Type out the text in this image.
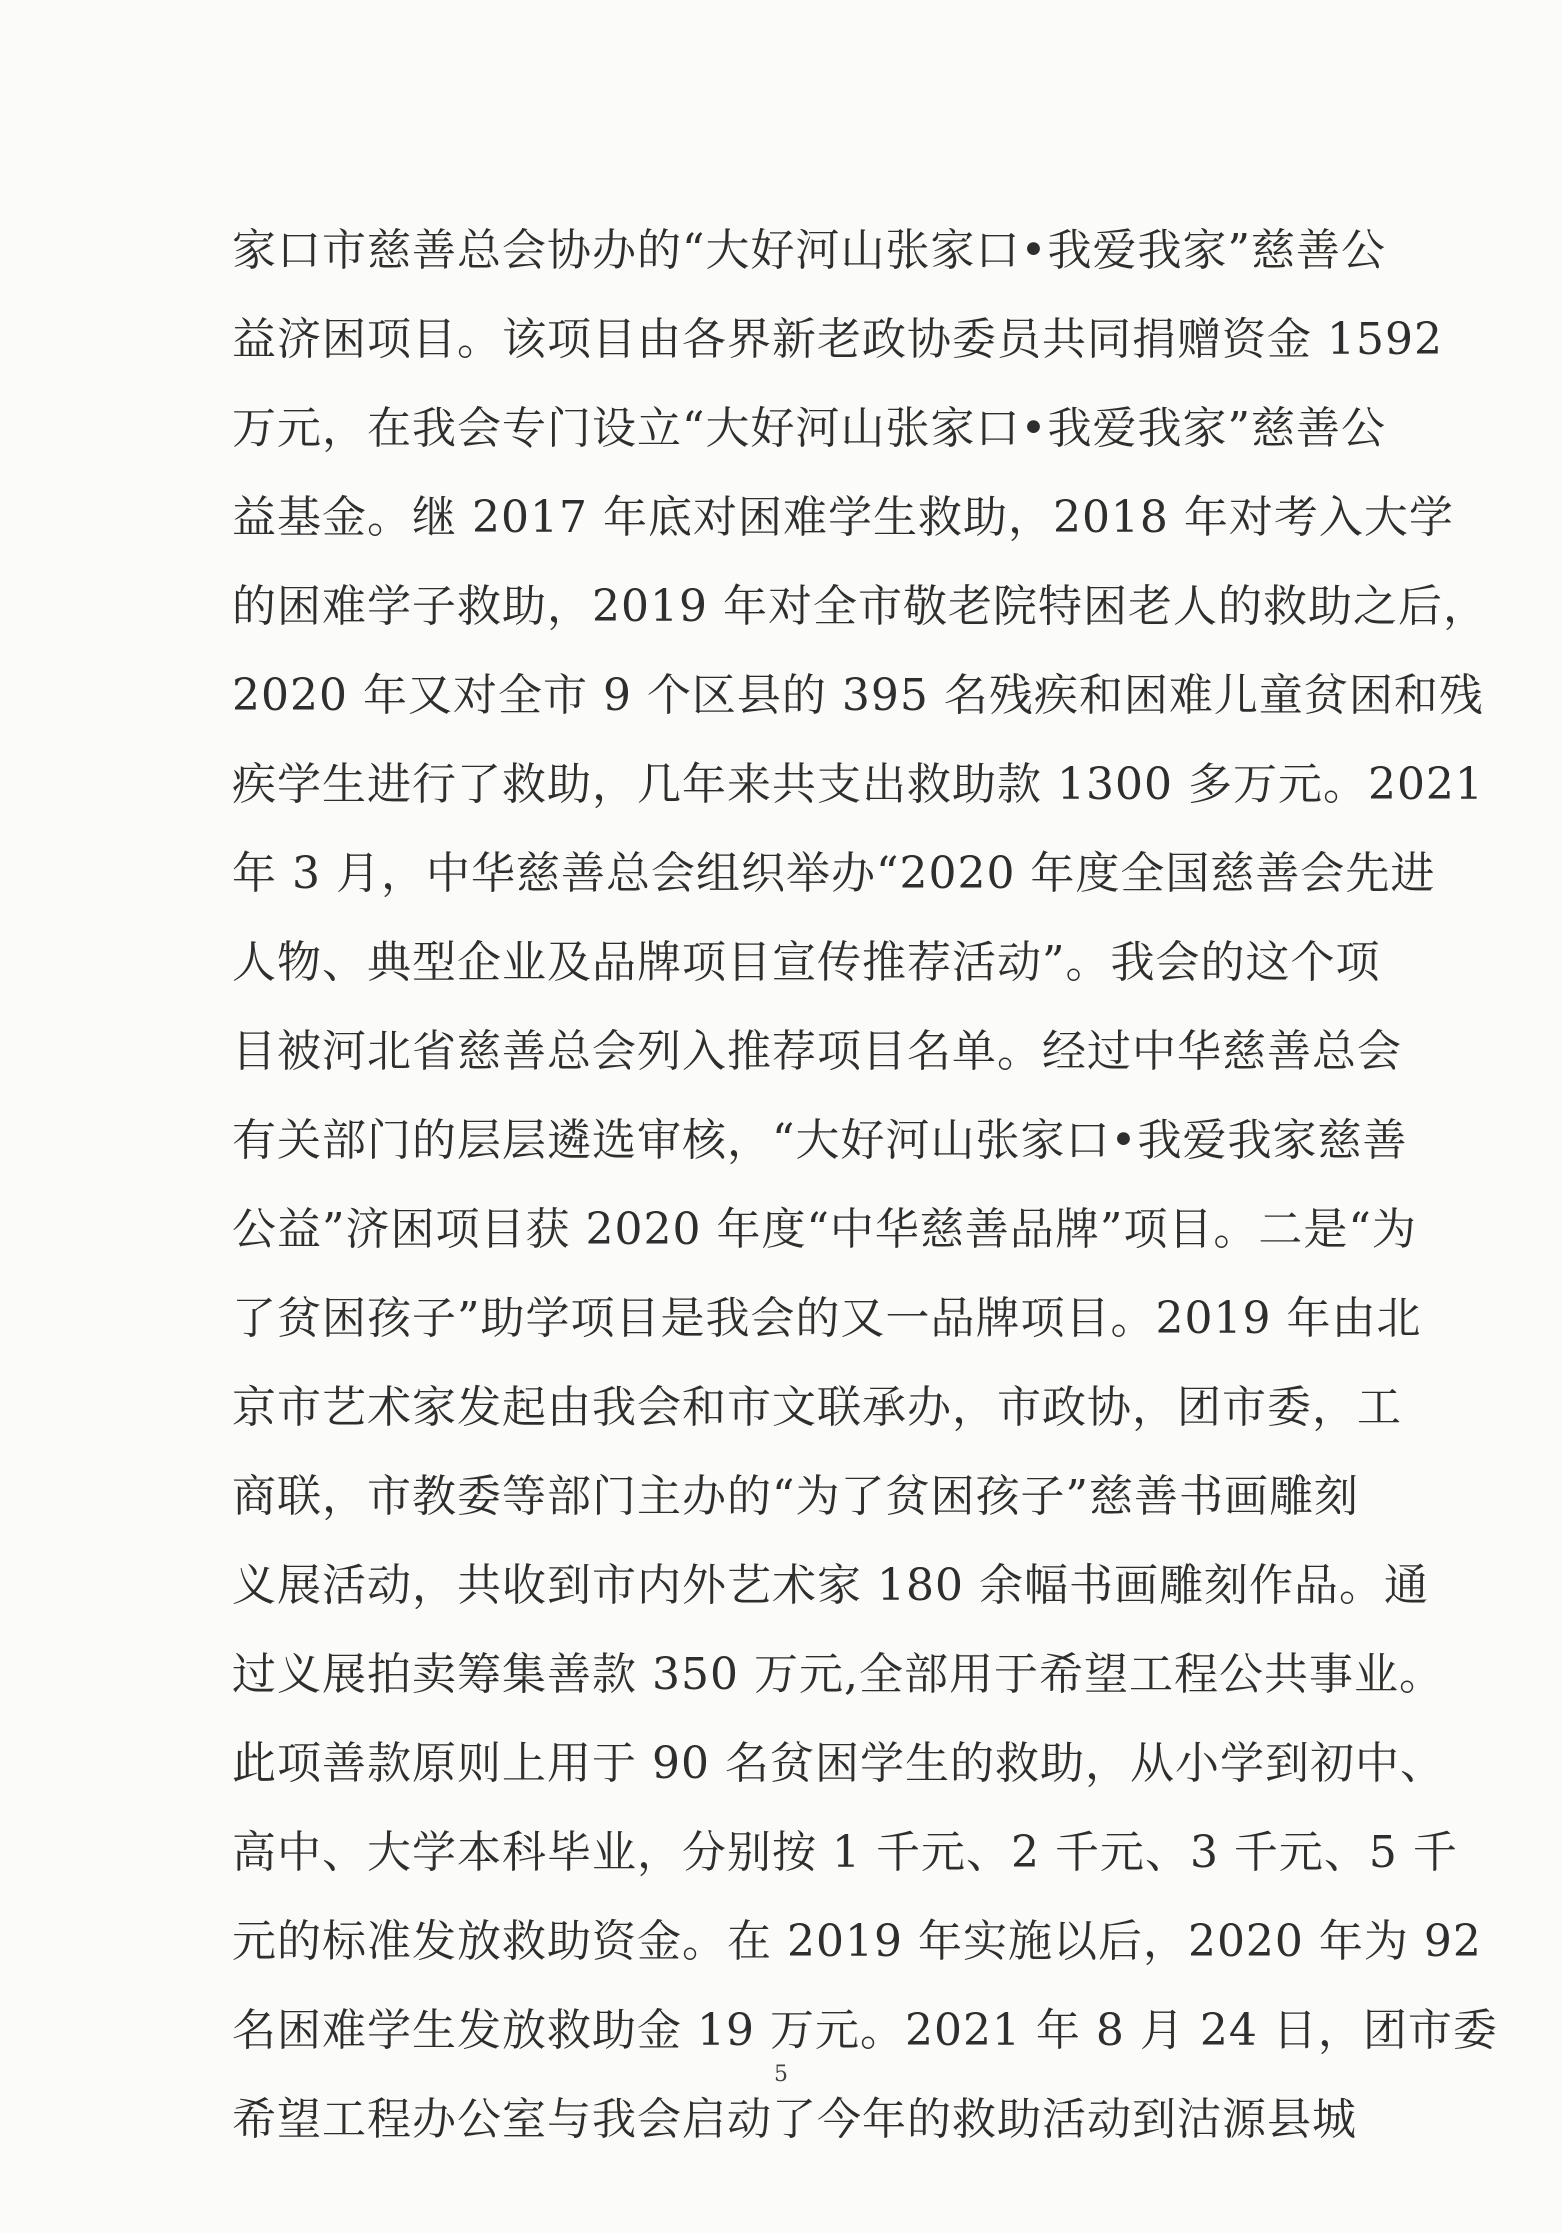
家口市慈善总会协办的“大好河山张家口•我爱我家”慈善公
益济困项目。该项目由各界新老政协委员共同捐赠资金 1592
万元，在我会专门设立“大好河山张家口•我爱我家”慈善公
益基金。继 2017 年底对困难学生救助，2018 年对考入大学
的困难学子救助，2019 年对全市敬老院特困老人的救助之后，
2020 年又对全市 9 个区县的 395 名残疾和困难儿童贫困和残
疾学生进行了救助，几年来共支出救助款 1300 多万元。2021
年 3 月，中华慈善总会组织举办“2020 年度全国慈善会先进
人物、典型企业及品牌项目宣传推荐活动”。我会的这个项
目被河北省慈善总会列入推荐项目名单。经过中华慈善总会
有关部门的层层遴选审核，“大好河山张家口•我爱我家慈善
公益”济困项目获 2020 年度“中华慈善品牌”项目。二是“为
了贫困孩子”助学项目是我会的又一品牌项目。2019 年由北
京市艺术家发起由我会和市文联承办，市政协，团市委，工
商联，市教委等部门主办的“为了贫困孩子”慈善书画雕刻
义展活动，共收到市内外艺术家 180 余幅书画雕刻作品。通
过义展拍卖筹集善款 350 万元,全部用于希望工程公共事业。
此项善款原则上用于 90 名贫困学生的救助，从小学到初中、
高中、大学本科毕业，分别按 1 千元、2 千元、3 千元、5 千
元的标准发放救助资金。在 2019 年实施以后，2020 年为 92
名困难学生发放救助金 19 万元。2021 年 8 月 24 日，团市委
希望工程办公室与我会启动了今年的救助活动到沽源县城
5
